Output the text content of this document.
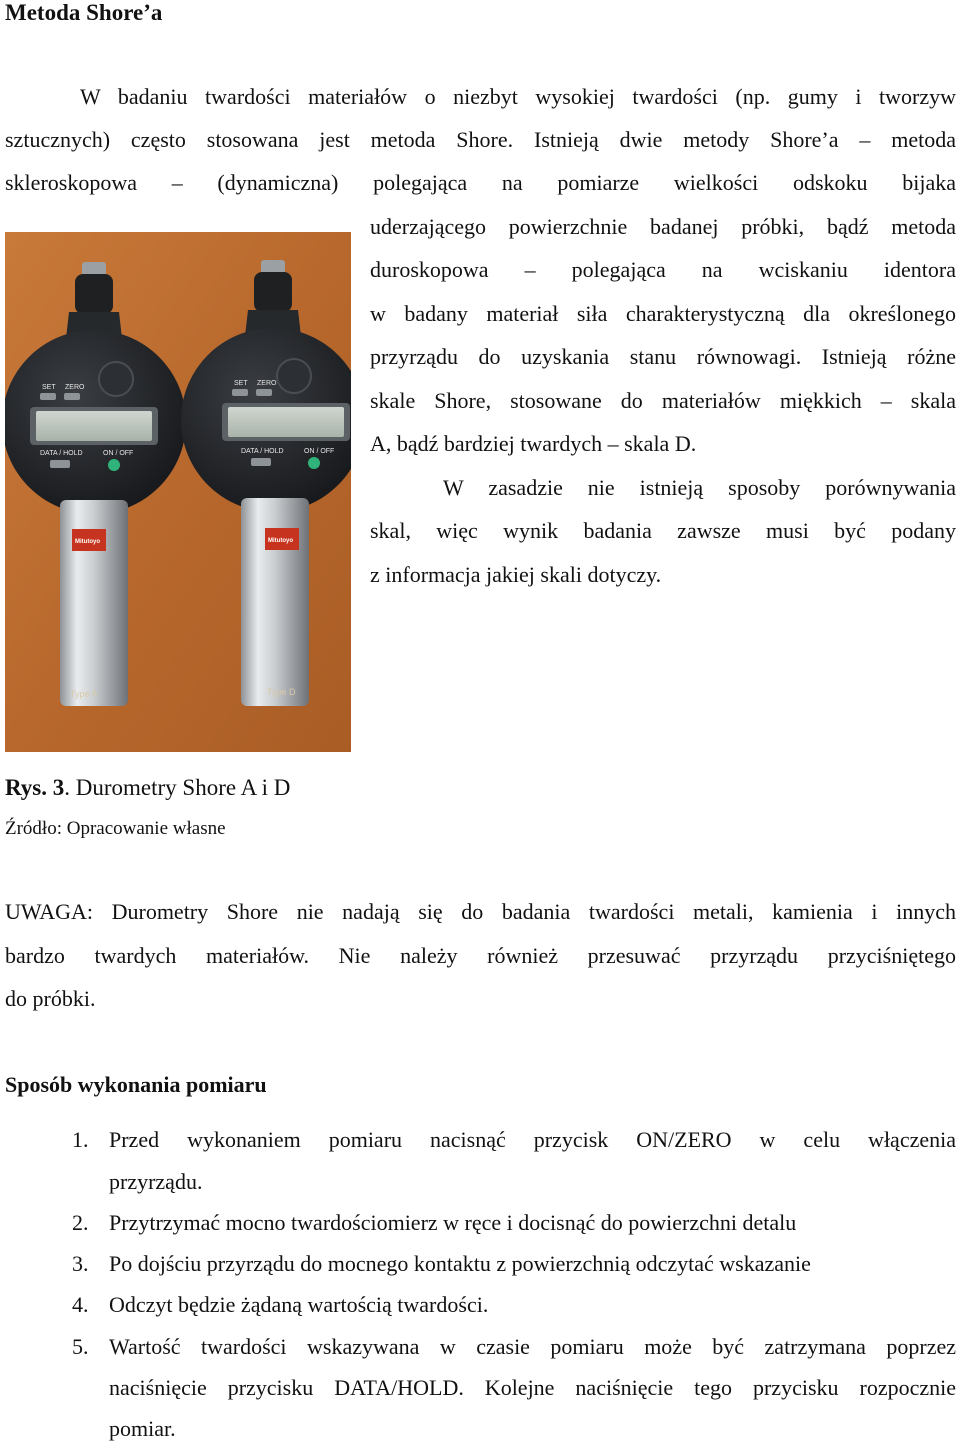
Metoda Shore’a
W badaniu twardości materiałów o niezbyt wysokiej twardości (np. gumy i tworzyw
sztucznych) często stosowana jest metoda Shore. Istnieją dwie metody Shore’a – metoda
skleroskopowa – (dynamiczna) polegająca na pomiarze wielkości odskoku bijaka
uderzającego powierzchnie badanej próbki, bądź metoda
duroskopowa – polegająca na wciskaniu identora
w badany materiał siła charakterystyczną dla określonego
przyrządu do uzyskania stanu równowagi. Istnieją różne
skale Shore, stosowane do materiałów miękkich – skala
A, bądź bardziej twardych – skala D.
W zasadzie nie istnieją sposoby porównywania
skal, więc wynik badania zawsze musi być podany
z informacja jakiej skali dotyczy.
SET ZERO
DATA / HOLD	ON / OFF
Mitutoyo
Type A
SET ZERO
DATA / HOLD	ON / OFF
Mitutoyo
Type D
Rys. 3. Durometry Shore A i D
Źródło: Opracowanie własne
UWAGA: Durometry Shore nie nadają się do badania twardości metali, kamienia i innych
bardzo twardych materiałów. Nie należy również przesuwać przyrządu przyciśniętego
do próbki.
Sposób wykonania pomiaru
1. Przed wykonaniem pomiaru nacisnąć przycisk ON/ZERO w celu włączenia
przyrządu.
2. Przytrzymać mocno twardościomierz w ręce i docisnąć do powierzchni detalu
3. Po dojściu przyrządu do mocnego kontaktu z powierzchnią odczytać wskazanie
4. Odczyt będzie żądaną wartością twardości.
5. Wartość twardości wskazywana w czasie pomiaru może być zatrzymana poprzez
naciśnięcie przycisku DATA/HOLD. Kolejne naciśnięcie tego przycisku rozpocznie
pomiar.
